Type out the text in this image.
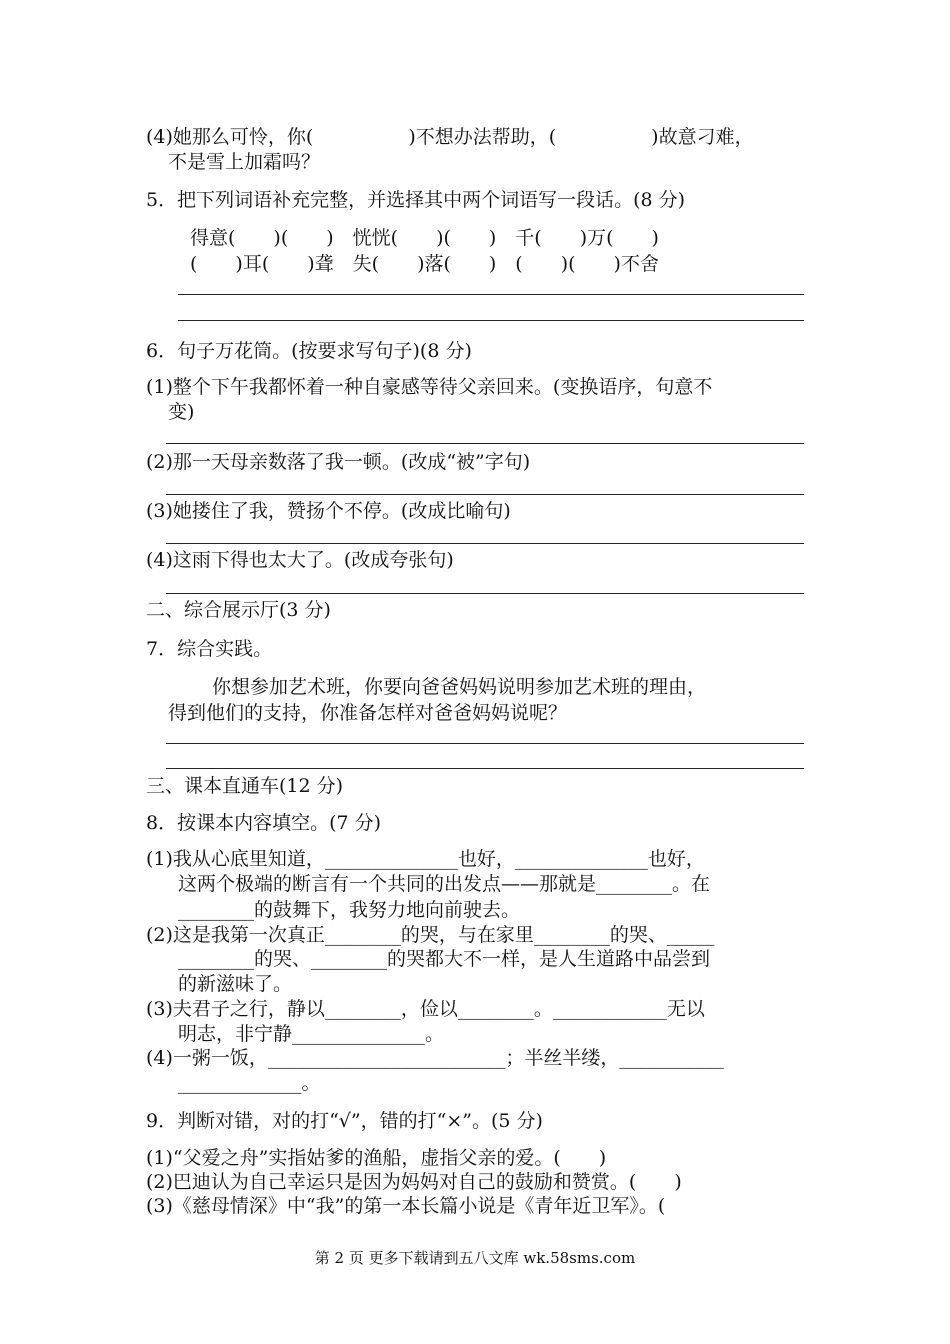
(4)她那么可怜，你(　　　　　)不想办法帮助，(　　　　　)故意刁难，
不是雪上加霜吗？
5．把下列词语补充完整，并选择其中两个词语写一段话。(8 分)
得意(　　)(　　)　恍恍(　　)(　　)　千(　　)万(　　)
(　　)耳(　　)聋　失(　　)落(　　)　(　　)(　　)不舍
6．句子万花筒。(按要求写句子)(8 分)
(1)整个下午我都怀着一种自豪感等待父亲回来。(变换语序，句意不
变)
(2)那一天母亲数落了我一顿。(改成“被”字句)
(3)她搂住了我，赞扬个不停。(改成比喻句)
(4)这雨下得也太大了。(改成夸张句)
二、综合展示厅(3 分)
7．综合实践。
你想参加艺术班，你要向爸爸妈妈说明参加艺术班的理由，
得到他们的支持，你准备怎样对爸爸妈妈说呢？
三、课本直通车(12 分)
8．按课本内容填空。(7 分)
(1)我从心底里知道，______________也好，______________也好，
这两个极端的断言有一个共同的出发点——那就是________。在
________的鼓舞下，我努力地向前驶去。
(2)这是我第一次真正________的哭，与在家里________的哭、_____
________的哭、________的哭都大不一样，是人生道路中品尝到
的新滋味了。
(3)夫君子之行，静以________，俭以________。____________无以
明志，非宁静______________。
(4)一粥一饭，_________________________；半丝半缕，___________
_____________。
9．判断对错，对的打“√”，错的打“×”。(5 分)
(1)“父爱之舟”实指姑爹的渔船，虚指父亲的爱。(　　)
(2)巴迪认为自己幸运只是因为妈妈对自己的鼓励和赞赏。(　　)
(3)《慈母情深》中“我”的第一本长篇小说是《青年近卫军》。(
第 2 页 更多下载请到五八文库 wk.58sms.com
